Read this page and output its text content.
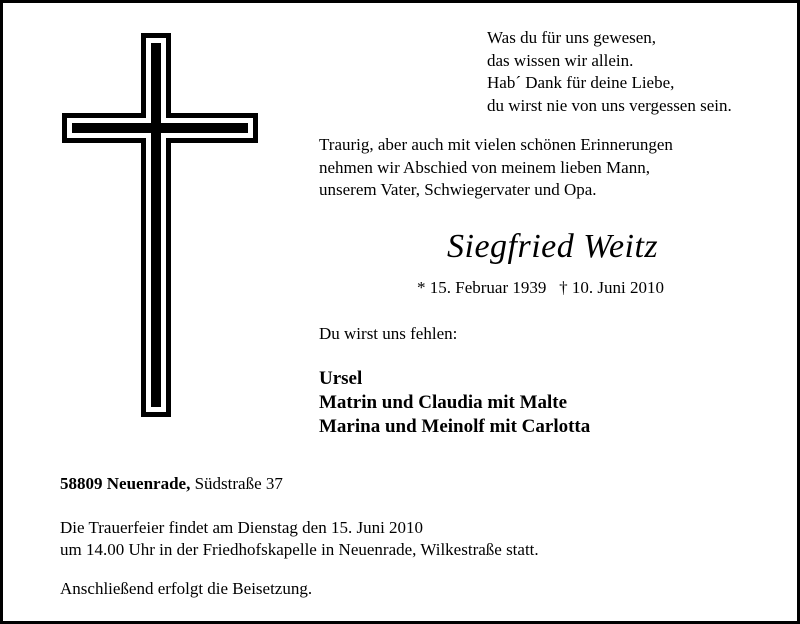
Was du für uns gewesen,
das wissen wir allein.
Hab´ Dank für deine Liebe,
du wirst nie von uns vergessen sein.
Traurig, aber auch mit vielen schönen Erinnerungen
nehmen wir Abschied von meinem lieben Mann,
unserem Vater, Schwiegervater und Opa.
Siegfried Weitz
* 15. Februar 1939   † 10. Juni 2010
Du wirst uns fehlen:
Ursel
Matrin und Claudia mit Malte
Marina und Meinolf mit Carlotta
58809 Neuenrade, Südstraße 37
Die Trauerfeier findet am Dienstag den 15. Juni 2010
um 14.00 Uhr in der Friedhofskapelle in Neuenrade, Wilkestraße statt.
Anschließend erfolgt die Beisetzung.
